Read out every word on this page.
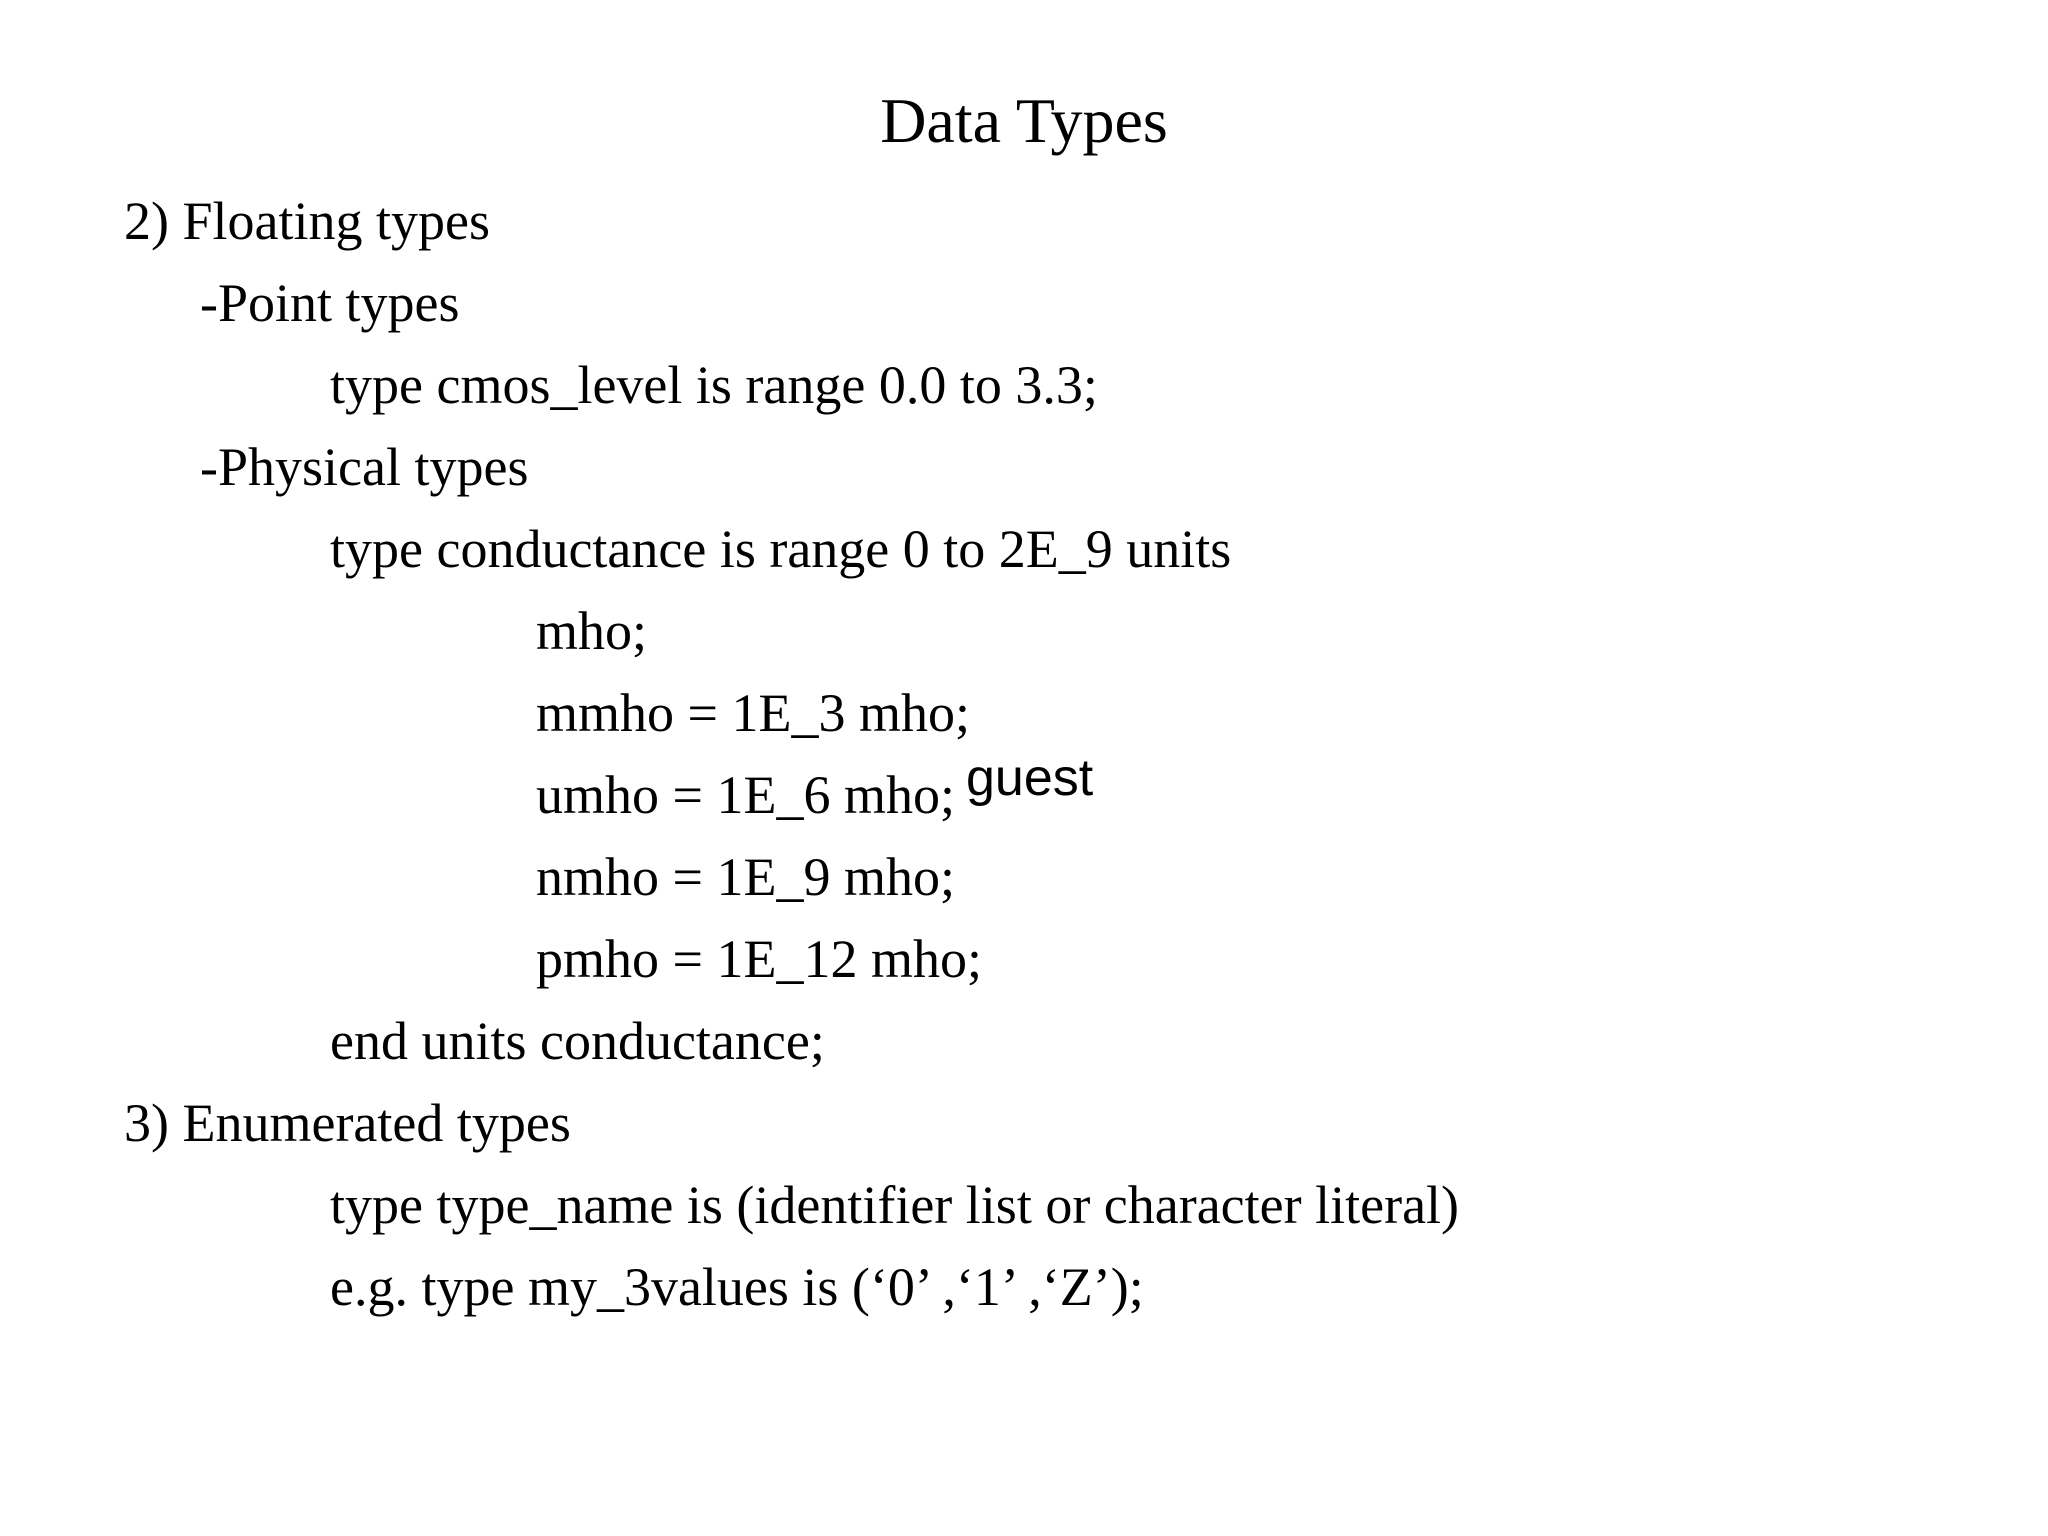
Data Types
2) Floating types
-Point types
type cmos_level is range 0.0 to 3.3;
-Physical types
type conductance is range 0 to 2E_9 units
mho;
mmho = 1E_3 mho;
umho = 1E_6 mho;
nmho = 1E_9 mho;
pmho = 1E_12 mho;
end units conductance;
3) Enumerated types
type type_name is (identifier list or character literal)
e.g. type my_3values is (‘0’ ,‘1’ ,‘Z’);
guest
